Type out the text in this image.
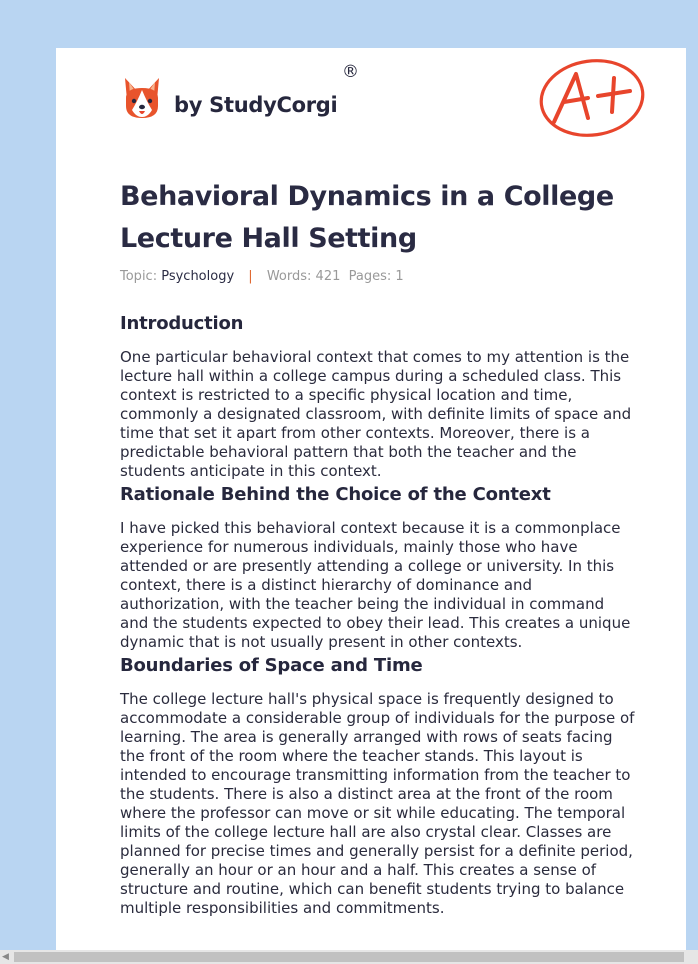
by StudyCorgi
®
Behavioral Dynamics in a College Lecture Hall Setting
Topic: Psychology | Words: 421 Pages: 1
Introduction

One particular behavioral context that comes to my attention is the lecture hall within a college campus during a scheduled class. This context is restricted to a specific physical location and time, commonly a designated classroom, with definite limits of space and time that set it apart from other contexts. Moreover, there is a predictable behavioral pattern that both the teacher and the students anticipate in this context.

Rationale Behind the Choice of the Context

I have picked this behavioral context because it is a commonplace experience for numerous individuals, mainly those who have attended or are presently attending a college or university. In this context, there is a distinct hierarchy of dominance and authorization, with the teacher being the individual in command and the students expected to obey their lead. This creates a unique dynamic that is not usually present in other contexts.

Boundaries of Space and Time

The college lecture hall's physical space is frequently designed to accommodate a considerable group of individuals for the purpose of learning. The area is generally arranged with rows of seats facing the front of the room where the teacher stands. This layout is intended to encourage transmitting information from the teacher to the students. There is also a distinct area at the front of the room where the professor can move or sit while educating. The temporal limits of the college lecture hall are also crystal clear. Classes are planned for precise times and generally persist for a definite period, generally an hour or an hour and a half. This creates a sense of structure and routine, which can benefit students trying to balance multiple responsibilities and commitments.

◀
